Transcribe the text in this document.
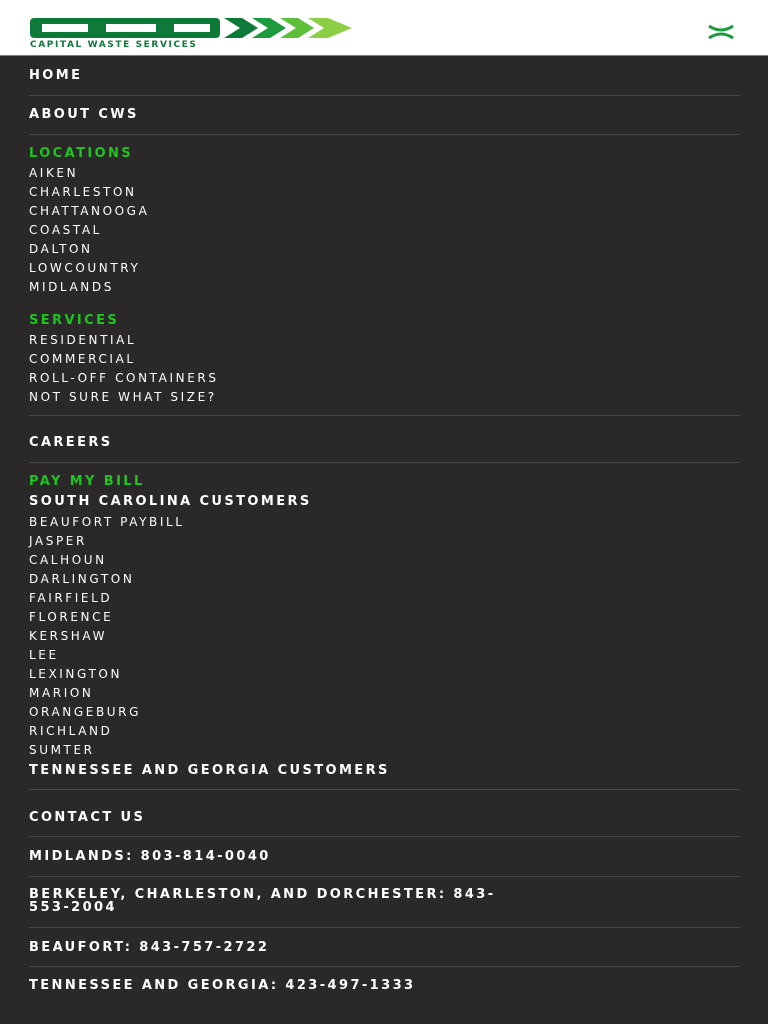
CAPITAL WASTE SERVICES
HOME
ABOUT CWS
LOCATIONS
AIKEN
CHARLESTON
CHATTANOOGA
COASTAL
DALTON
LOWCOUNTRY
MIDLANDS
SERVICES
RESIDENTIAL
COMMERCIAL
ROLL-OFF CONTAINERS
NOT SURE WHAT SIZE?
CAREERS
PAY MY BILL
SOUTH CAROLINA CUSTOMERS
BEAUFORT PAYBILL
JASPER
CALHOUN
DARLINGTON
FAIRFIELD
FLORENCE
KERSHAW
LEE
LEXINGTON
MARION
ORANGEBURG
RICHLAND
SUMTER
TENNESSEE AND GEORGIA CUSTOMERS
CONTACT US
MIDLANDS: 803-814-0040
BERKELEY, CHARLESTON, AND DORCHESTER: 843-553-2004
BEAUFORT: 843-757-2722
TENNESSEE AND GEORGIA: 423-497-1333
